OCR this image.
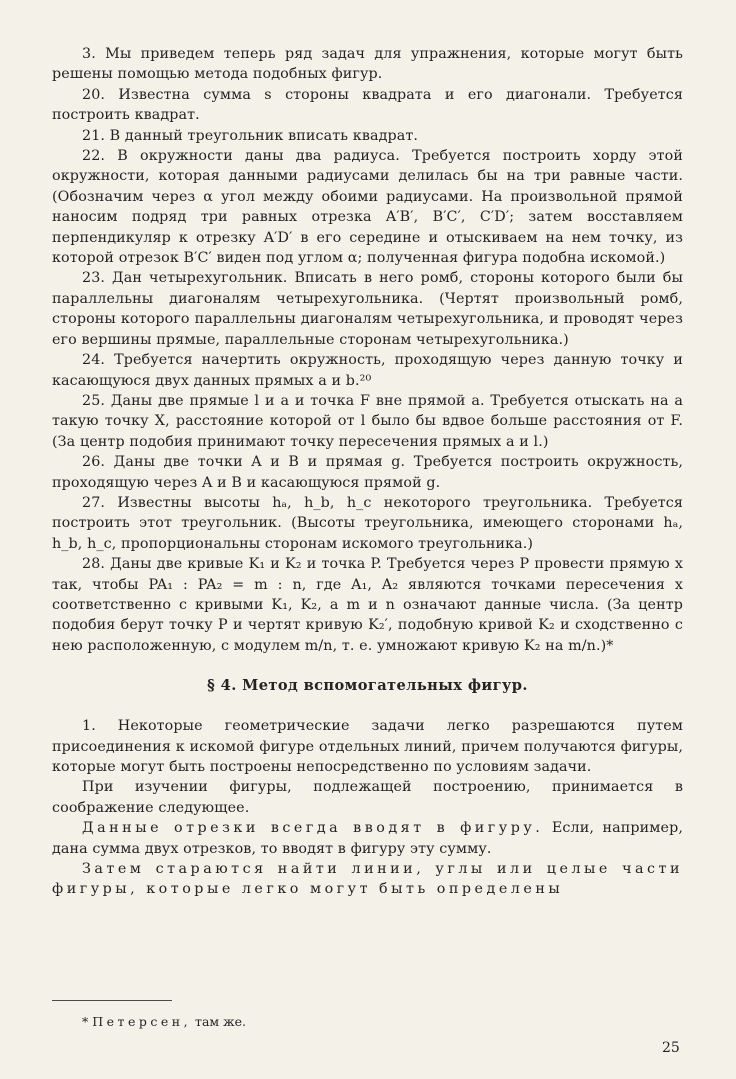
3. Мы приведем теперь ряд задач для упражнения, которые могут быть решены помощью метода подобных фигур.

20. Известна сумма s стороны квадрата и его диагонали. Требуется построить квадрат.

21. В данный треугольник вписать квадрат.

22. В окружности даны два радиуса. Требуется построить хорду этой окружности, которая данными радиусами делилась бы на три равные части. (Обозначим через α угол между обоими радиусами. На произвольной прямой наносим подряд три равных отрезка A′B′, B′C′, C′D′; затем восставляем перпендикуляр к отрезку A′D′ в его середине и отыскиваем на нем точку, из которой отрезок B′C′ виден под углом α; полученная фигура подобна искомой.)

23. Дан четырехугольник. Вписать в него ромб, стороны которого были бы параллельны диагоналям четырехугольника. (Чертят произвольный ромб, стороны которого параллельны диагоналям четырехугольника, и проводят через его вершины прямые, параллельные сторонам четырехугольника.)

24. Требуется начертить окружность, проходящую через данную точку и касающуюся двух данных прямых a и b.²⁰

25. Даны две прямые l и a и точка F вне прямой a. Требуется отыскать на a такую точку X, расстояние которой от l было бы вдвое больше расстояния от F. (За центр подобия принимают точку пересечения прямых a и l.)

26. Даны две точки A и B и прямая g. Требуется построить окружность, проходящую через A и B и касающуюся прямой g.

27. Известны высоты hₐ, h_b, h_c некоторого треугольника. Требуется построить этот треугольник. (Высоты треугольника, имеющего сторонами hₐ, h_b, h_c, пропорциональны сторонам искомого треугольника.)

28. Даны две кривые K₁ и K₂ и точка P. Требуется через P провести прямую x так, чтобы PA₁ : PA₂ = m : n, где A₁, A₂ являются точками пересечения x соответственно с кривыми K₁, K₂, а m и n означают данные числа. (За центр подобия берут точку P и чертят кривую K₂′, подобную кривой K₂ и сходственно с нею расположенную, с модулем m/n, т. е. умножают кривую K₂ на m/n.)*

§ 4. Метод вспомогательных фигур.

1. Некоторые геометрические задачи легко разрешаются путем присоединения к искомой фигуре отдельных линий, причем получаются фигуры, которые могут быть построены непосредственно по условиям задачи.

При изучении фигуры, подлежащей построению, принимается в соображение следующее.

Данные отрезки всегда вводят в фигуру. Если, например, дана сумма двух отрезков, то вводят в фигуру эту сумму.

Затем стараются найти линии, углы или целые части фигуры, которые легко могут быть определены

* Петерсен, там же.
25
